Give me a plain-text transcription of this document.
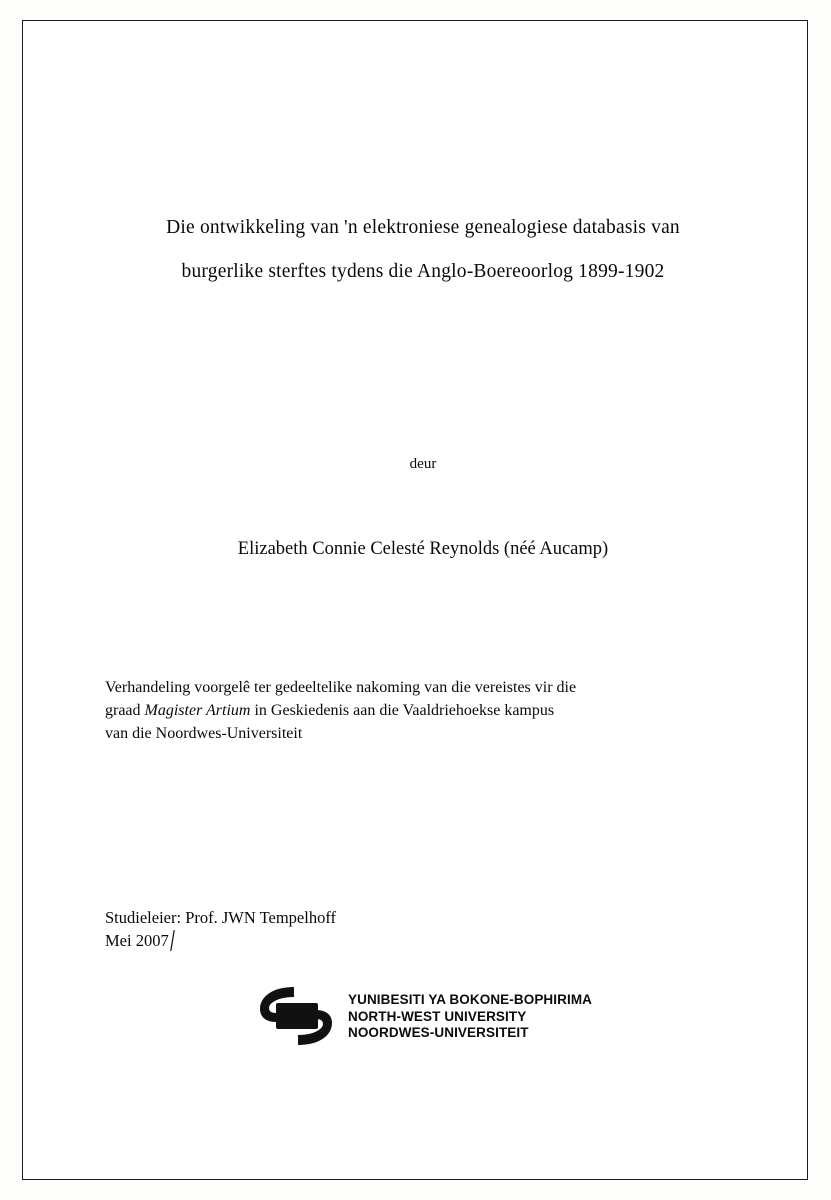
Die ontwikkeling van 'n elektroniese genealogiese databasis van
burgerlike sterftes tydens die Anglo-Boereoorlog 1899-1902
deur
Elizabeth Connie Celesté Reynolds (néé Aucamp)
Verhandeling voorgelê ter gedeeltelike nakoming van die vereistes vir die
graad Magister Artium in Geskiedenis aan die Vaaldriehoekse kampus
van die Noordwes-Universiteit
Studieleier: Prof. JWN Tempelhoff
Mei 2007
╱
YUNIBESITI YA BOKONE-BOPHIRIMA
NORTH-WEST UNIVERSITY
NOORDWES-UNIVERSITEIT
